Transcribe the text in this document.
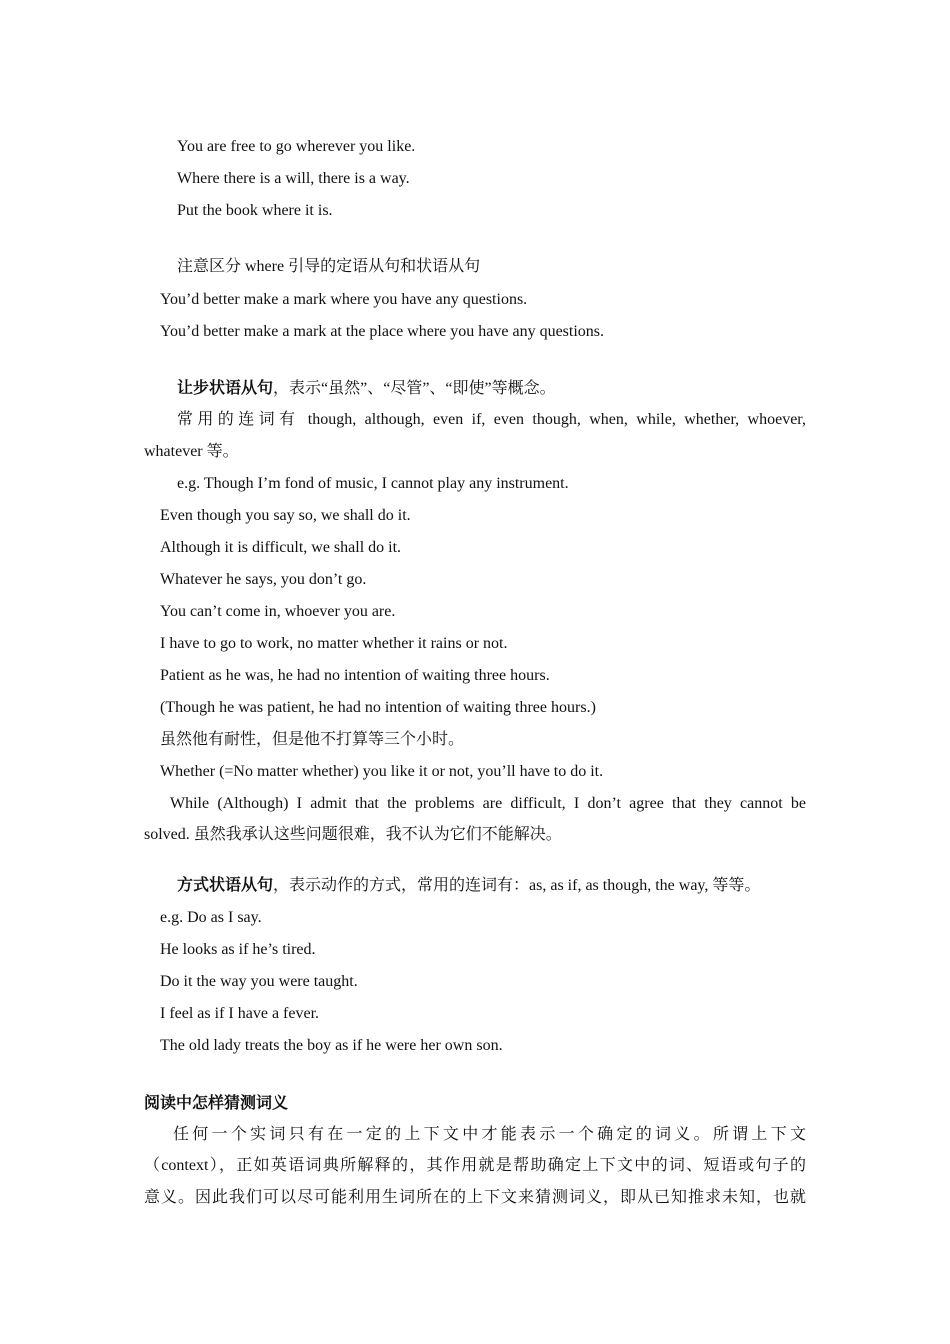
You are free to go wherever you like.
Where there is a will, there is a way.
Put the book where it is.
注意区分 where 引导的定语从句和状语从句
You’d better make a mark where you have any questions.
You’d better make a mark at the place where you have any questions.
让步状语从句，表示“虽然”、“尽管”、“即使”等概念。
常用的连词有 though, although, even if, even though, when, while, whether, whoever,
whatever 等。
e.g. Though I’m fond of music, I cannot play any instrument.
Even though you say so, we shall do it.
Although it is difficult, we shall do it.
Whatever he says, you don’t go.
You can’t come in, whoever you are.
I have to go to work, no matter whether it rains or not.
Patient as he was, he had no intention of waiting three hours.
(Though he was patient, he had no intention of waiting three hours.)
虽然他有耐性，但是他不打算等三个小时。
Whether (=No matter whether) you like it or not, you’ll have to do it.
While (Although) I admit that the problems are difficult, I don’t agree that they cannot be
solved. 虽然我承认这些问题很难，我不认为它们不能解决。
方式状语从句，表示动作的方式，常用的连词有：as, as if, as though, the way, 等等。
e.g. Do as I say.
He looks as if he’s tired.
Do it the way you were taught.
I feel as if I have a fever.
The old lady treats the boy as if he were her own son.
阅读中怎样猜测词义
任何一个实词只有在一定的上下文中才能表示一个确定的词义。所谓上下文
（context），正如英语词典所解释的，其作用就是帮助确定上下文中的词、短语或句子的
意义。因此我们可以尽可能利用生词所在的上下文来猜测词义，即从已知推求未知，也就
